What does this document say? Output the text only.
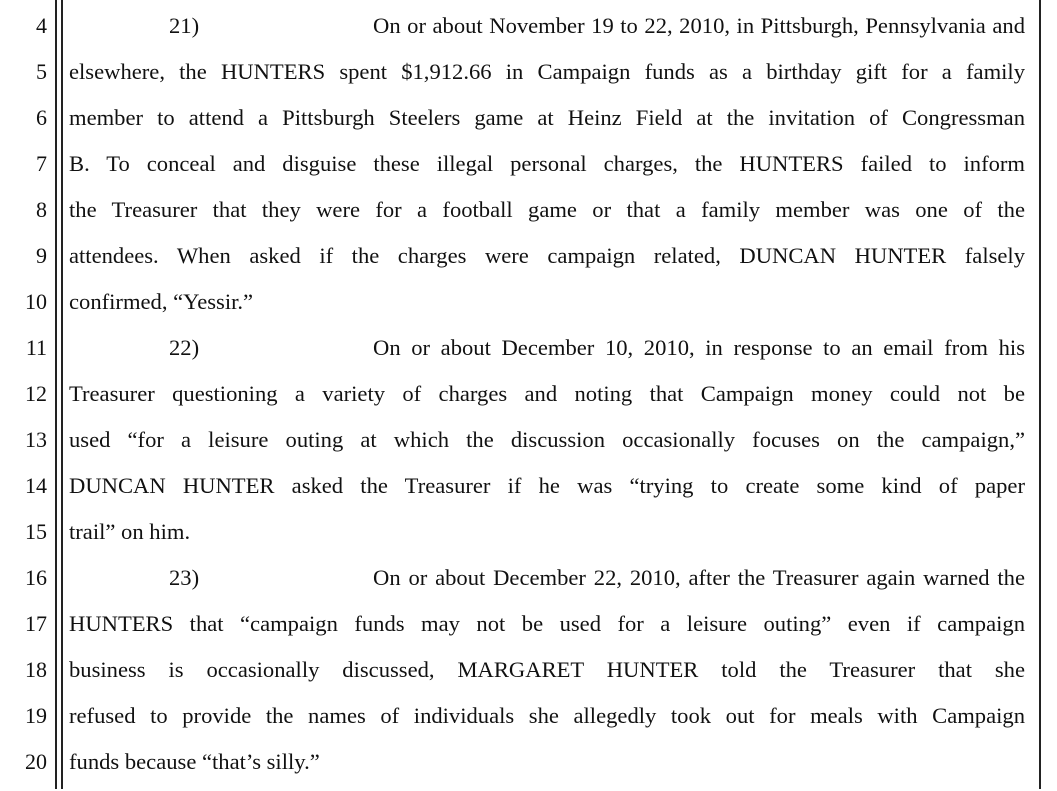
4
5
6
7
8
9
10
11
12
13
14
15
16
17
18
19
20
21)	On or about November 19 to 22, 2010, in Pittsburgh, Pennsylvania and
elsewhere, the HUNTERS spent $1,912.66 in Campaign funds as a birthday gift for a family
member to attend a Pittsburgh Steelers game at Heinz Field at the invitation of Congressman
B. To conceal and disguise these illegal personal charges, the HUNTERS failed to inform
the Treasurer that they were for a football game or that a family member was one of the
attendees. When asked if the charges were campaign related, DUNCAN HUNTER falsely
confirmed, “Yessir.”
22)	On or about December 10, 2010, in response to an email from his
Treasurer questioning a variety of charges and noting that Campaign money could not be
used “for a leisure outing at which the discussion occasionally focuses on the campaign,”
DUNCAN HUNTER asked the Treasurer if he was “trying to create some kind of paper
trail” on him.
23)	On or about December 22, 2010, after the Treasurer again warned the
HUNTERS that “campaign funds may not be used for a leisure outing” even if campaign
business is occasionally discussed, MARGARET HUNTER told the Treasurer that she
refused to provide the names of individuals she allegedly took out for meals with Campaign
funds because “that’s silly.”
